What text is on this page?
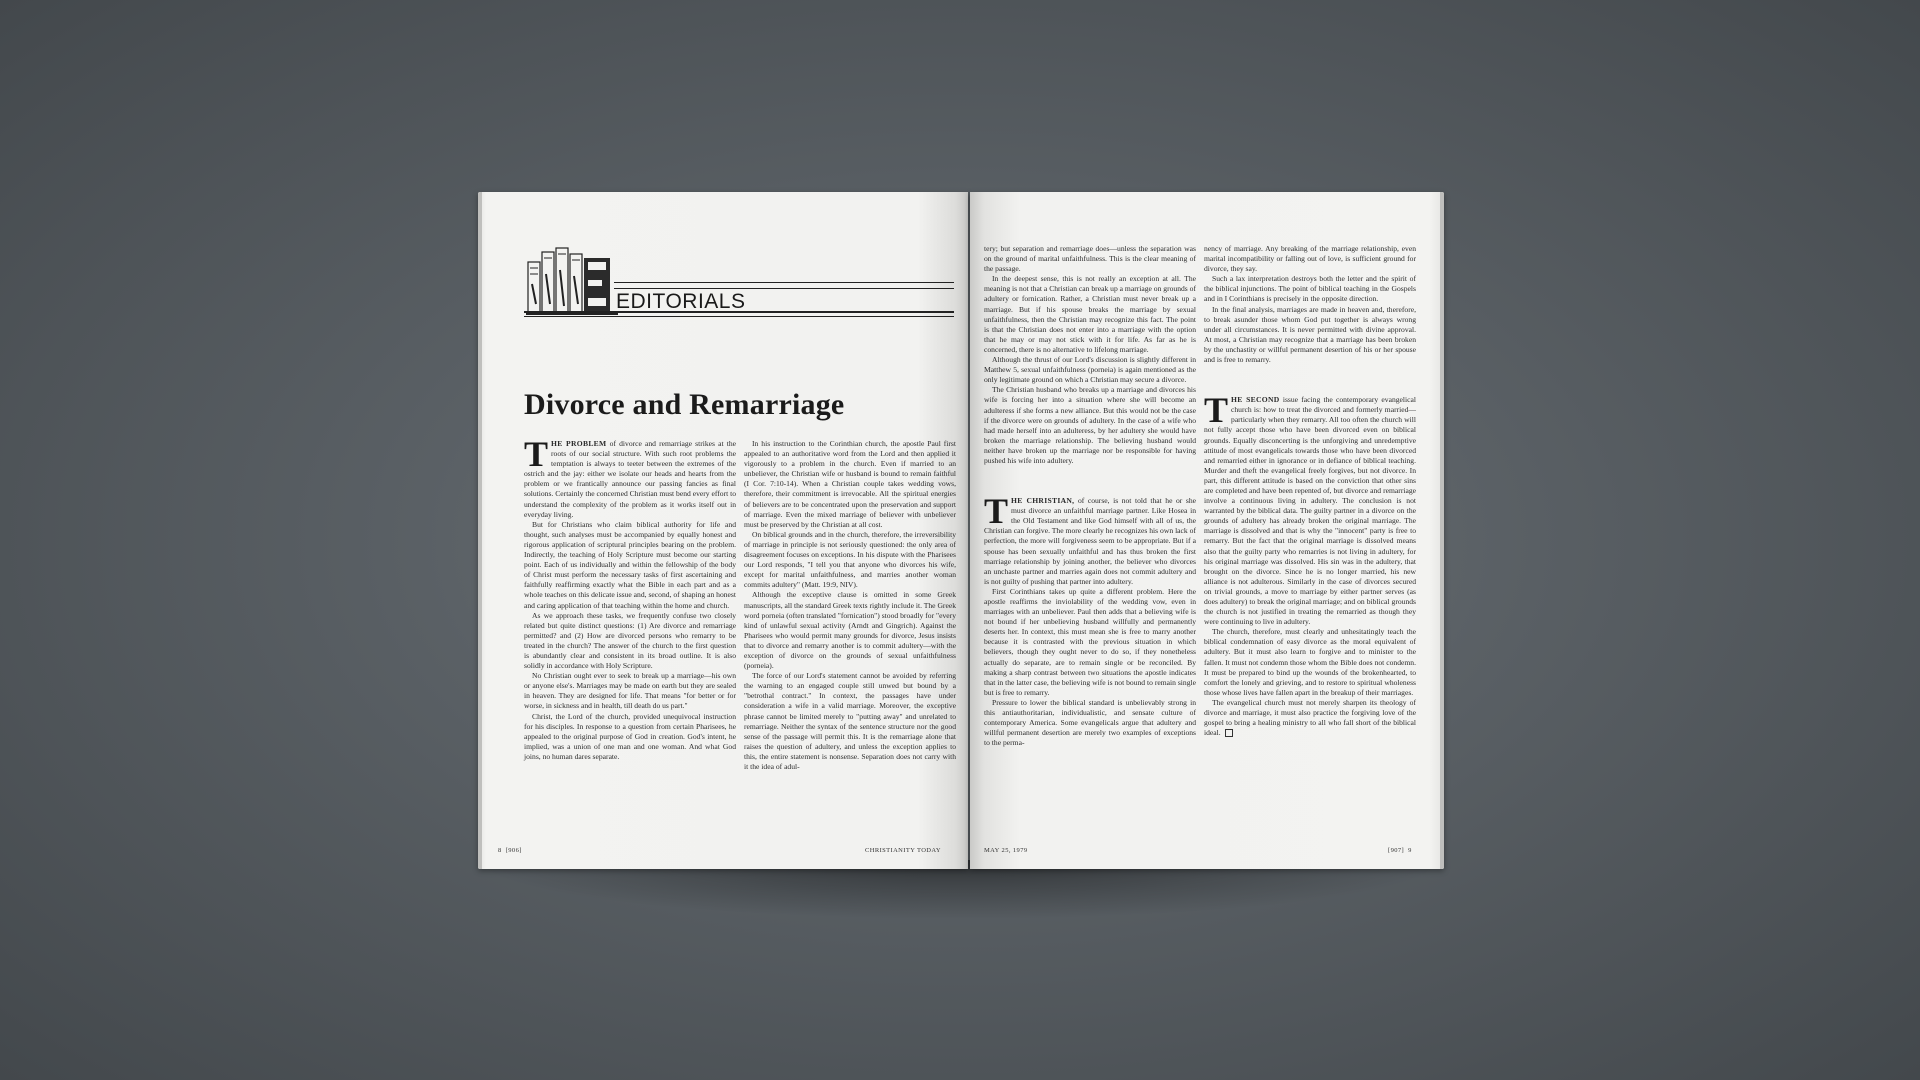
EDITORIALS
Divorce and Remarriage

THE PROBLEM of divorce and remarriage strikes at the roots of our social structure. With such root problems the temptation is always to teeter between the extremes of the ostrich and the jay: either we isolate our heads and hearts from the problem or we frantically announce our passing fancies as final solutions. Certainly the concerned Christian must bend every effort to understand the complexity of the problem as it works itself out in everyday living.

But for Christians who claim biblical authority for life and thought, such analyses must be accompanied by equally honest and rigorous application of scriptural principles bearing on the problem. Indirectly, the teaching of Holy Scripture must become our starting point. Each of us individually and within the fellowship of the body of Christ must perform the necessary tasks of first ascertaining and faithfully reaffirming exactly what the Bible in each part and as a whole teaches on this delicate issue and, second, of shaping an honest and caring application of that teaching within the home and church.

As we approach these tasks, we frequently confuse two closely related but quite distinct questions: (1) Are divorce and remarriage permitted? and (2) How are divorced persons who remarry to be treated in the church? The answer of the church to the first question is abundantly clear and consistent in its broad outline. It is also solidly in accordance with Holy Scripture.

No Christian ought ever to seek to break up a marriage—his own or anyone else's. Marriages may be made on earth but they are sealed in heaven. They are designed for life. That means "for better or for worse, in sickness and in health, till death do us part."

Christ, the Lord of the church, provided unequivocal instruction for his disciples. In response to a question from certain Pharisees, he appealed to the original purpose of God in creation. God's intent, he implied, was a union of one man and one woman. And what God joins, no human dares separate.

In his instruction to the Corinthian church, the apostle Paul first appealed to an authoritative word from the Lord and then applied it vigorously to a problem in the church. Even if married to an unbeliever, the Christian wife or husband is bound to remain faithful (I Cor. 7:10-14). When a Christian couple takes wedding vows, therefore, their commitment is irrevocable. All the spiritual energies of believers are to be concentrated upon the preservation and support of marriage. Even the mixed marriage of believer with unbeliever must be preserved by the Christian at all cost.

On biblical grounds and in the church, therefore, the irreversibility of marriage in principle is not seriously questioned: the only area of disagreement focuses on exceptions. In his dispute with the Pharisees our Lord responds, "I tell you that anyone who divorces his wife, except for marital unfaithfulness, and marries another woman commits adultery" (Matt. 19:9, NIV).

Although the exceptive clause is omitted in some Greek manuscripts, all the standard Greek texts rightly include it. The Greek word porneia (often translated "fornication") stood broadly for "every kind of unlawful sexual activity (Arndt and Gingrich). Against the Pharisees who would permit many grounds for divorce, Jesus insists that to divorce and remarry another is to commit adultery—with the exception of divorce on the grounds of sexual unfaithfulness (porneia).

The force of our Lord's statement cannot be avoided by referring the warning to an engaged couple still unwed but bound by a "betrothal contract." In context, the passages have under consideration a wife in a valid marriage. Moreover, the exceptive phrase cannot be limited merely to "putting away" and unrelated to remarriage. Neither the syntax of the sentence structure nor the good sense of the passage will permit this. It is the remarriage alone that raises the question of adultery, and unless the exception applies to this, the entire statement is nonsense. Separation does not carry with it the idea of adul-

8 [906]	CHRISTIANITY TODAY

tery; but separation and remarriage does—unless the separation was on the ground of marital unfaithfulness. This is the clear meaning of the passage.

In the deepest sense, this is not really an exception at all. The meaning is not that a Christian can break up a marriage on grounds of adultery or fornication. Rather, a Christian must never break up a marriage. But if his spouse breaks the marriage by sexual unfaithfulness, then the Christian may recognize this fact. The point is that the Christian does not enter into a marriage with the option that he may or may not stick with it for life. As far as he is concerned, there is no alternative to lifelong marriage.

Although the thrust of our Lord's discussion is slightly different in Matthew 5, sexual unfaithfulness (porneia) is again mentioned as the only legitimate ground on which a Christian may secure a divorce.

The Christian husband who breaks up a marriage and divorces his wife is forcing her into a situation where she will become an adulteress if she forms a new alliance. But this would not be the case if the divorce were on grounds of adultery. In the case of a wife who had made herself into an adulteress, by her adultery she would have broken the marriage relationship. The believing husband would neither have broken up the marriage nor be responsible for having pushed his wife into adultery.

THE CHRISTIAN, of course, is not told that he or she must divorce an unfaithful marriage partner. Like Hosea in the Old Testament and like God himself with all of us, the Christian can forgive. The more clearly he recognizes his own lack of perfection, the more will forgiveness seem to be appropriate. But if a spouse has been sexually unfaithful and has thus broken the first marriage relationship by joining another, the believer who divorces an unchaste partner and marries again does not commit adultery and is not guilty of pushing that partner into adultery.

First Corinthians takes up quite a different problem. Here the apostle reaffirms the inviolability of the wedding vow, even in marriages with an unbeliever. Paul then adds that a believing wife is not bound if her unbelieving husband willfully and permanently deserts her. In context, this must mean she is free to marry another because it is contrasted with the previous situation in which believers, though they ought never to do so, if they nonetheless actually do separate, are to remain single or be reconciled. By making a sharp contrast between two situations the apostle indicates that in the latter case, the believing wife is not bound to remain single but is free to remarry.

Pressure to lower the biblical standard is unbelievably strong in this antiauthoritarian, individualistic, and sensate culture of contemporary America. Some evangelicals argue that adultery and willful permanent desertion are merely two examples of exceptions to the perma-

nency of marriage. Any breaking of the marriage relationship, even marital incompatibility or falling out of love, is sufficient ground for divorce, they say.

Such a lax interpretation destroys both the letter and the spirit of the biblical injunctions. The point of biblical teaching in the Gospels and in I Corinthians is precisely in the opposite direction.

In the final analysis, marriages are made in heaven and, therefore, to break asunder those whom God put together is always wrong under all circumstances. It is never permitted with divine approval. At most, a Christian may recognize that a marriage has been broken by the unchastity or willful permanent desertion of his or her spouse and is free to remarry.

THE SECOND issue facing the contemporary evangelical church is: how to treat the divorced and formerly married—particularly when they remarry. All too often the church will not fully accept those who have been divorced even on biblical grounds. Equally disconcerting is the unforgiving and unredemptive attitude of most evangelicals towards those who have been divorced and remarried either in ignorance or in defiance of biblical teaching. Murder and theft the evangelical freely forgives, but not divorce. In part, this different attitude is based on the conviction that other sins are completed and have been repented of, but divorce and remarriage involve a continuous living in adultery. The conclusion is not warranted by the biblical data. The guilty partner in a divorce on the grounds of adultery has already broken the original marriage. The marriage is dissolved and that is why the "innocent" party is free to remarry. But the fact that the original marriage is dissolved means also that the guilty party who remarries is not living in adultery, for his original marriage was dissolved. His sin was in the adultery, that brought on the divorce. Since he is no longer married, his new alliance is not adulterous. Similarly in the case of divorces secured on trivial grounds, a move to marriage by either partner serves (as does adultery) to break the original marriage; and on biblical grounds the church is not justified in treating the remarried as though they were continuing to live in adultery.

The church, therefore, must clearly and unhesitatingly teach the biblical condemnation of easy divorce as the moral equivalent of adultery. But it must also learn to forgive and to minister to the fallen. It must not condemn those whom the Bible does not condemn. It must be prepared to bind up the wounds of the brokenhearted, to comfort the lonely and grieving, and to restore to spiritual wholeness those whose lives have fallen apart in the breakup of their marriages.

The evangelical church must not merely sharpen its theology of divorce and marriage, it must also practice the forgiving love of the gospel to bring a healing ministry to all who fall short of the biblical ideal.

MAY 25, 1979	[907] 9
